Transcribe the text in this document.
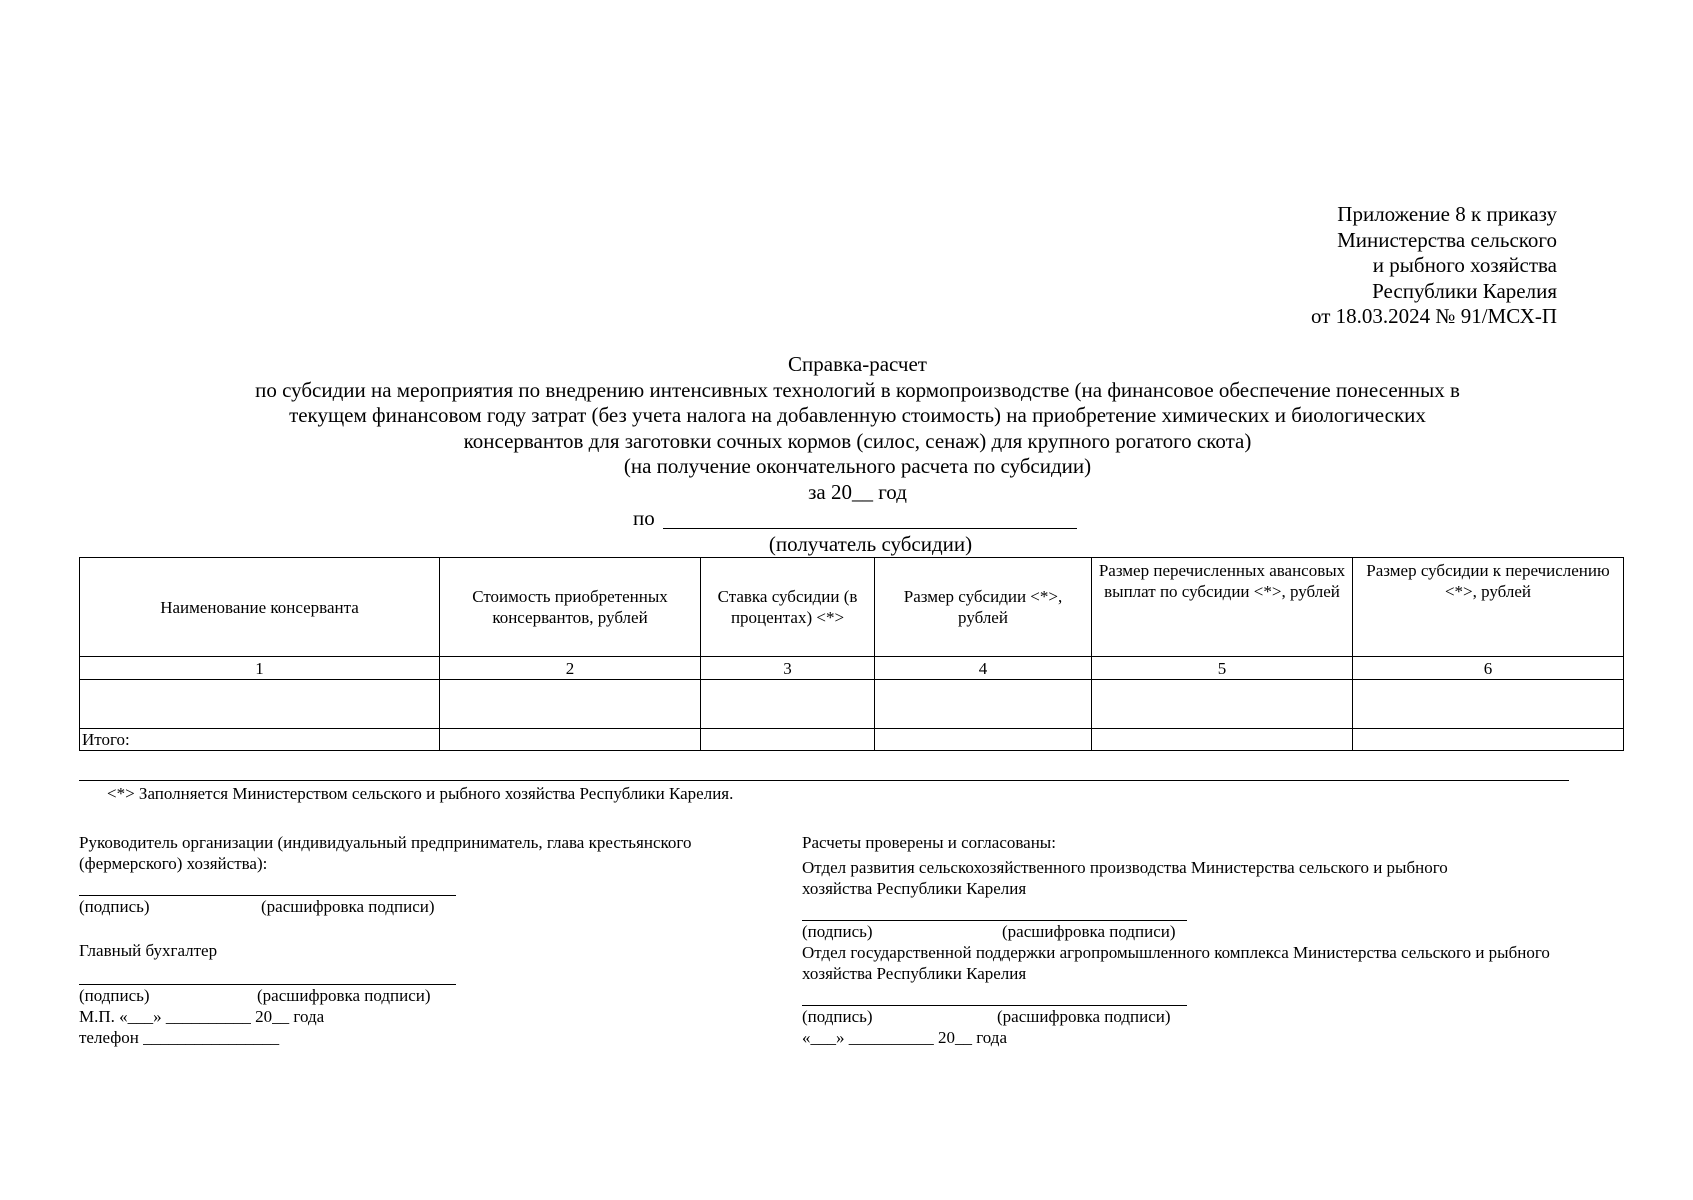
Приложение 8 к приказу
Министерства сельского
и рыбного хозяйства
Республики Карелия
от 18.03.2024 № 91/МСХ-П
Справка-расчет
по субсидии на мероприятия по внедрению интенсивных технологий в кормопроизводстве (на финансовое обеспечение понесенных в
текущем финансовом году затрат (без учета налога на добавленную стоимость) на приобретение химических и биологических
консервантов для заготовки сочных кормов (силос, сенаж) для крупного рогатого скота)
(на получение окончательного расчета по субсидии)
за 20__ год
по
(получатель субсидии)
Наименование консерванта	Стоимость приобретенных консервантов, рублей	Ставка субсидии (в процентах) <*>	Размер субсидии <*>, рублей	Размер перечисленных авансовых выплат по субсидии <*>, рублей	Размер субсидии к перечислению <*>, рублей
1	2	3	4	5	6

Итого:					
<*> Заполняется Министерством сельского и рыбного хозяйства Республики Карелия.
Руководитель организации (индивидуальный предприниматель, глава крестьянского (фермерского) хозяйства):
(подпись)	(расшифровка подписи)
Главный бухгалтер
(подпись)	(расшифровка подписи)
М.П. «___» __________ 20__ года
телефон ________________
Расчеты проверены и согласованы:
Отдел развития сельскохозяйственного производства Министерства сельского и рыбного хозяйства Республики Карелия
(подпись)	(расшифровка подписи)
Отдел государственной поддержки агропромышленного комплекса Министерства сельского и рыбного хозяйства Республики Карелия
(подпись)	(расшифровка подписи)
«___» __________ 20__ года
